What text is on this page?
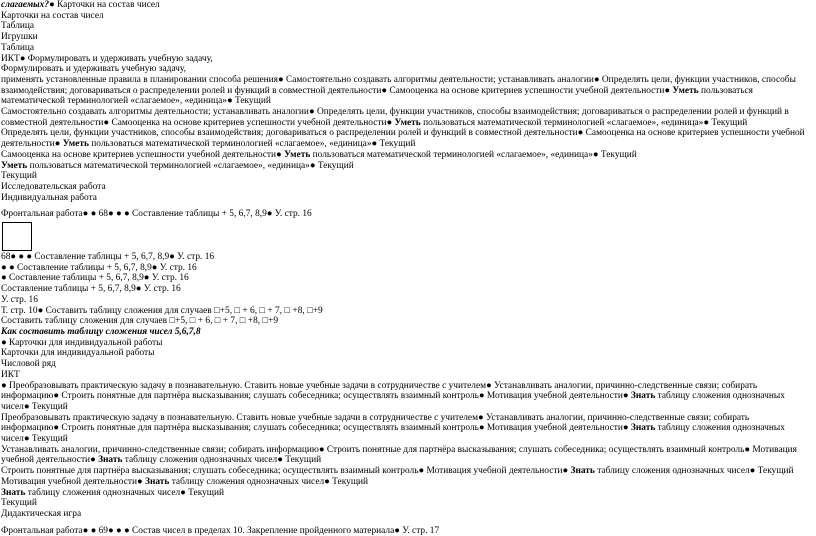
слагаемых?● Карточки на состав чисел
Карточки на состав чисел
Таблица
Игрушки
Таблица
ИКТ● Формулировать и удерживать учебную задачу,
Формулировать и удерживать учебную задачу,
применять установленные правила в планировании способа решения● Самостоятельно создавать алгоритмы деятельности; устанавливать аналогии● Определять цели, функции участников, способы взаимодействия; договариваться о распределении ролей и функций в совместной деятельности● Самооценка на основе критериев успешности учебной деятельности● Уметь пользоваться математической терминологией «слагаемое», «единица»● Текущий
Самостоятельно создавать алгоритмы деятельности; устанавливать аналогии● Определять цели, функции участников, способы взаимодействия; договариваться о распределении ролей и функций в совместной деятельности● Самооценка на основе критериев успешности учебной деятельности● Уметь пользоваться математической терминологией «слагаемое», «единица»● Текущий
Определять цели, функции участников, способы взаимодействия; договариваться о распределении ролей и функций в совместной деятельности● Самооценка на основе критериев успешности учебной деятельности● Уметь пользоваться математической терминологией «слагаемое», «единица»● Текущий
Самооценка на основе критериев успешности учебной деятельности● Уметь пользоваться математической терминологией «слагаемое», «единица»● Текущий
Уметь пользоваться математической терминологией «слагаемое», «единица»● Текущий
Текущий
Исследовательская работа
Индивидуальная работа
Фронтальная работа● ● 68● ● ● Составление таблицы + 5, 6,7, 8,9● У. стр. 16
68● ● ● Составление таблицы + 5, 6,7, 8,9● У. стр. 16
● ● Составление таблицы + 5, 6,7, 8,9● У. стр. 16
● Составление таблицы + 5, 6,7, 8,9● У. стр. 16
Составление таблицы + 5, 6,7, 8,9● У. стр. 16
У. стр. 16
Т. стр. 10● Составить таблицу сложения для случаев □+5, □ + 6, □ + 7, □ +8, □+9
Составить таблицу сложения для случаев □+5, □ + 6, □ + 7, □ +8, □+9
Как составить таблицу сложения чисел 5,6,7,8
● Карточки для индивидуальной работы
Карточки для индивидуальной работы
Числовой ряд
ИКТ
● Преобразовывать практическую задачу в познавательную. Ставить новые учебные задачи в сотрудничестве с учителем● Устанавливать аналогии, причинно-следственные связи; собирать информацию● Строить понятные для партнёра высказывания; слушать собеседника; осуществлять взаимный контроль● Мотивация учебной деятельности● Знать таблицу сложения однозначных чисел● Текущий
Преобразовывать практическую задачу в познавательную. Ставить новые учебные задачи в сотрудничестве с учителем● Устанавливать аналогии, причинно-следственные связи; собирать информацию● Строить понятные для партнёра высказывания; слушать собеседника; осуществлять взаимный контроль● Мотивация учебной деятельности● Знать таблицу сложения однозначных чисел● Текущий
Устанавливать аналогии, причинно-следственные связи; собирать информацию● Строить понятные для партнёра высказывания; слушать собеседника; осуществлять взаимный контроль● Мотивация учебной деятельности● Знать таблицу сложения однозначных чисел● Текущий
Строить понятные для партнёра высказывания; слушать собеседника; осуществлять взаимный контроль● Мотивация учебной деятельности● Знать таблицу сложения однозначных чисел● Текущий
Мотивация учебной деятельности● Знать таблицу сложения однозначных чисел● Текущий
Знать таблицу сложения однозначных чисел● Текущий
Текущий
Дидактическая игра
Фронтальная работа● ● 69● ● ● Состав чисел в пределах 10. Закрепление пройденного материала● У. стр. 17
